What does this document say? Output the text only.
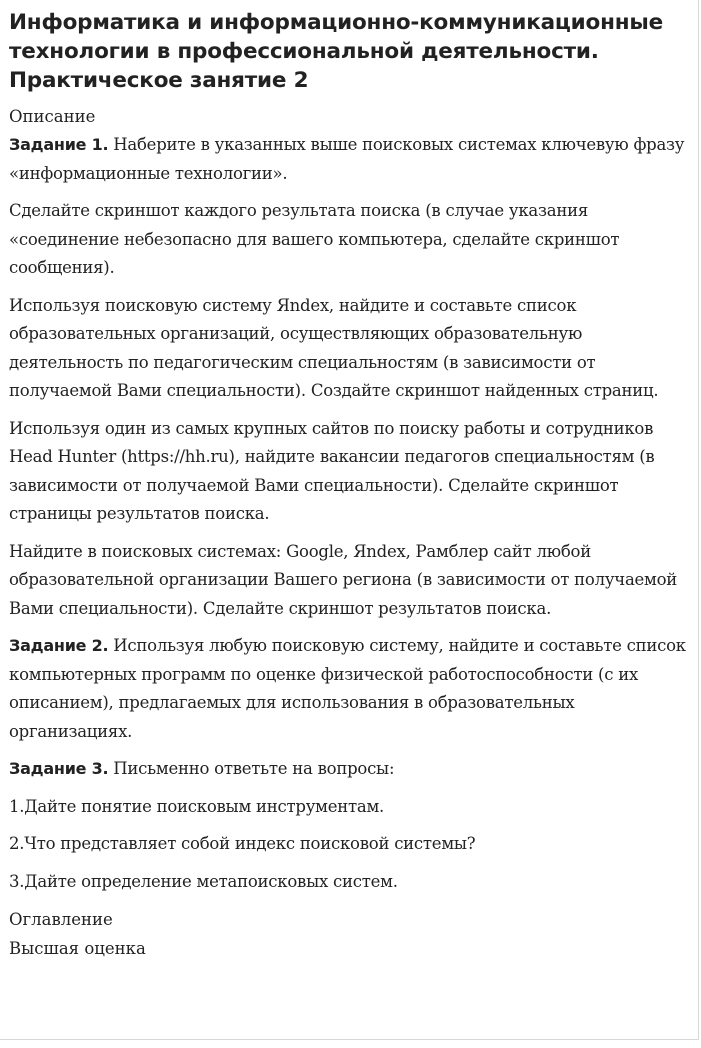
Информатика и информационно-коммуникационные технологии в профессиональной деятельности. Практическое занятие 2
Описание

Задание 1. Наберите в указанных выше поисковых системах ключевую фразу «информационные технологии».

Сделайте скриншот каждого результата поиска (в случае указания «соединение небезопасно для вашего компьютера, сделайте скриншот сообщения).

Используя поисковую систему Яndex, найдите и составьте список образовательных организаций, осуществляющих образовательную деятельность по педагогическим специальностям (в зависимости от получаемой Вами специальности). Создайте скриншот найденных страниц.

Используя один из самых крупных сайтов по поиску работы и сотрудников Head Hunter (https://hh.ru), найдите вакансии педагогов специальностям (в зависимости от получаемой Вами специальности). Сделайте скриншот страницы результатов поиска.

Найдите в поисковых системах: Google, Яndex, Рамблер сайт любой образовательной организации Вашего региона (в зависимости от получаемой Вами специальности). Сделайте скриншот результатов поиска.

Задание 2. Используя любую поисковую систему, найдите и составьте список компьютерных программ по оценке физической работоспособности (с их описанием), предлагаемых для использования в образовательных организациях.

Задание 3. Письменно ответьте на вопросы:

1.Дайте понятие поисковым инструментам.

2.Что представляет собой индекс поисковой системы?

3.Дайте определение метапоисковых систем.

Оглавление
Высшая оценка
